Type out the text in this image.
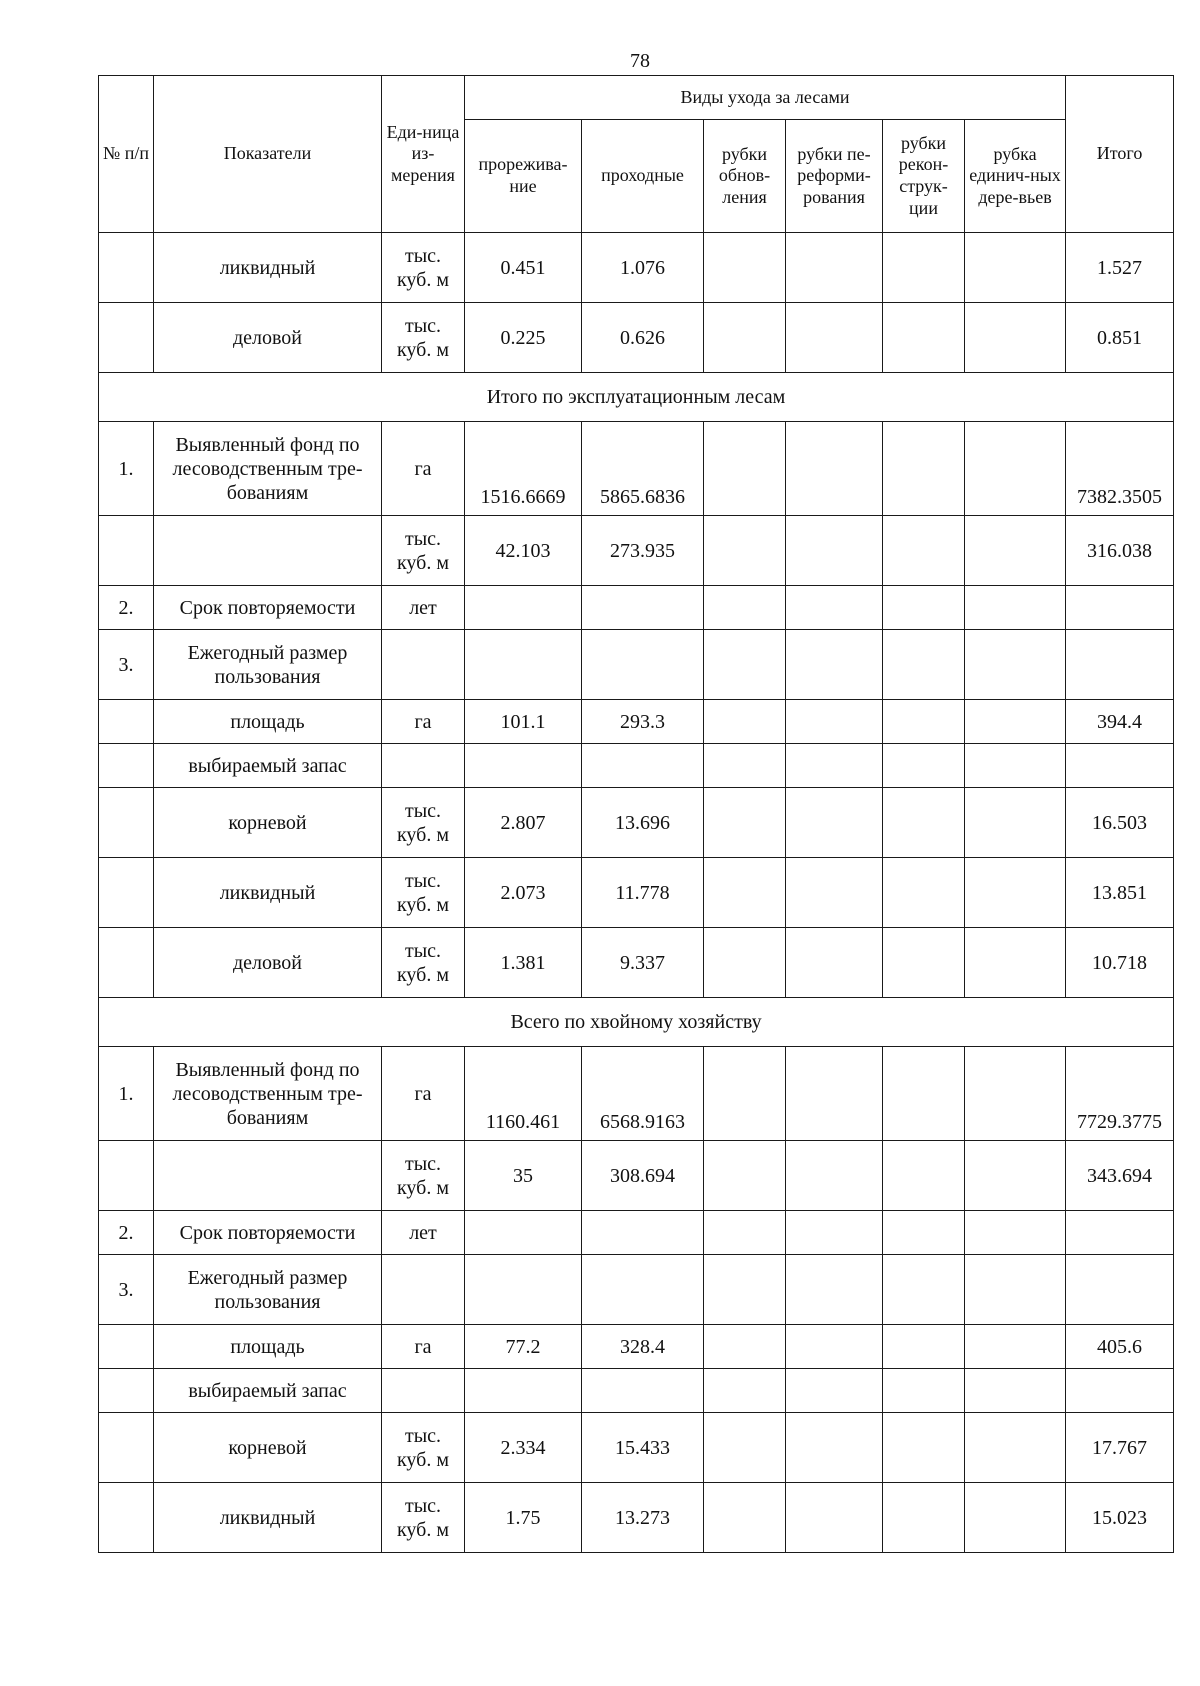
78
№ п/п	Показатели	Еди-ница из-мерения	Виды ухода за лесами						Итого
			прорежива-ние	проходные	рубки обнов-ления	рубки пе-реформи-рования	рубки рекон-струк-ции	рубка единич-ных дере-вьев	
	ликвидный	тыс. куб. м	0.451	1.076					1.527
	деловой	тыс. куб. м	0.225	0.626					0.851
Итого по эксплуатационным лесам									
1.	Выявленный фонд по лесоводственным тре-бованиям	га	1516.6669	5865.6836					7382.3505
		тыс. куб. м	42.103	273.935					316.038
2.	Срок повторяемости	лет							
3.	Ежегодный размер пользования								
	площадь	га	101.1	293.3					394.4
	выбираемый запас								
	корневой	тыс. куб. м	2.807	13.696					16.503
	ликвидный	тыс. куб. м	2.073	11.778					13.851
	деловой	тыс. куб. м	1.381	9.337					10.718
Всего по хвойному хозяйству									
1.	Выявленный фонд по лесоводственным тре-бованиям	га	1160.461	6568.9163					7729.3775
		тыс. куб. м	35	308.694					343.694
2.	Срок повторяемости	лет							
3.	Ежегодный размер пользования								
	площадь	га	77.2	328.4					405.6
	выбираемый запас								
	корневой	тыс. куб. м	2.334	15.433					17.767
	ликвидный	тыс. куб. м	1.75	13.273					15.023
